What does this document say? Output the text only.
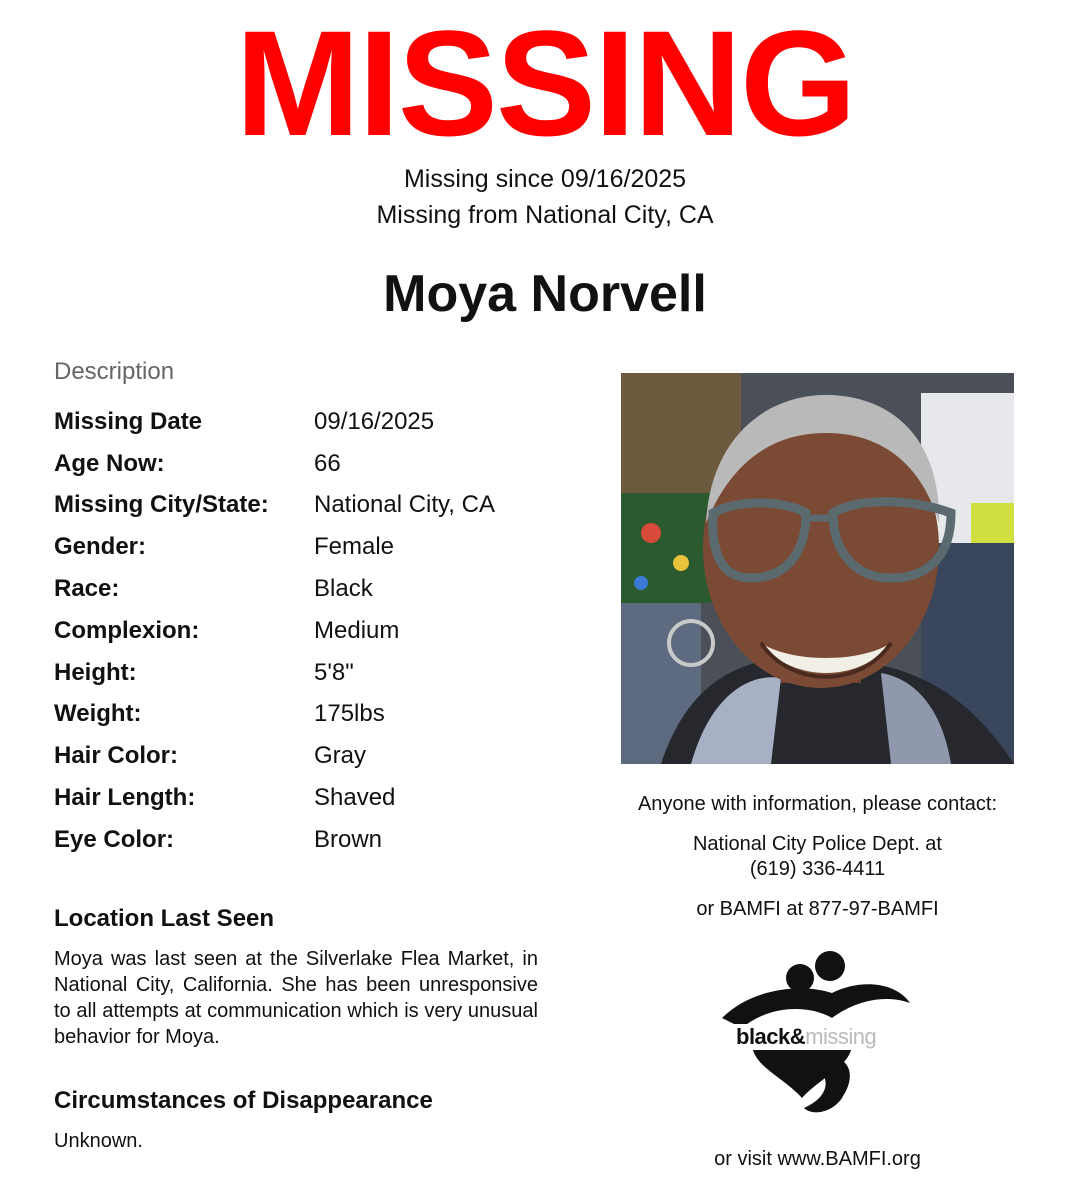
MISSING
Missing since 09/16/2025
Missing from National City, CA
Moya Norvell
Description
Missing Date	09/16/2025
Age Now:	66
Missing City/State:	National City, CA
Gender:	Female
Race:	Black
Complexion:	Medium
Height:	5'8"
Weight:	175lbs
Hair Color:	Gray
Hair Length:	Shaved
Eye Color:	Brown
Location Last Seen
Moya was last seen at the Silverlake Flea Market, in National City, California. She has been unresponsive to all attempts at communication which is very unusual behavior for Moya.
Circumstances of Disappearance
Unknown.
Anyone with information, please contact:
National City Police Dept. at
(619) 336-4411
or BAMFI at 877-97-BAMFI
black&missing
or visit www.BAMFI.org
